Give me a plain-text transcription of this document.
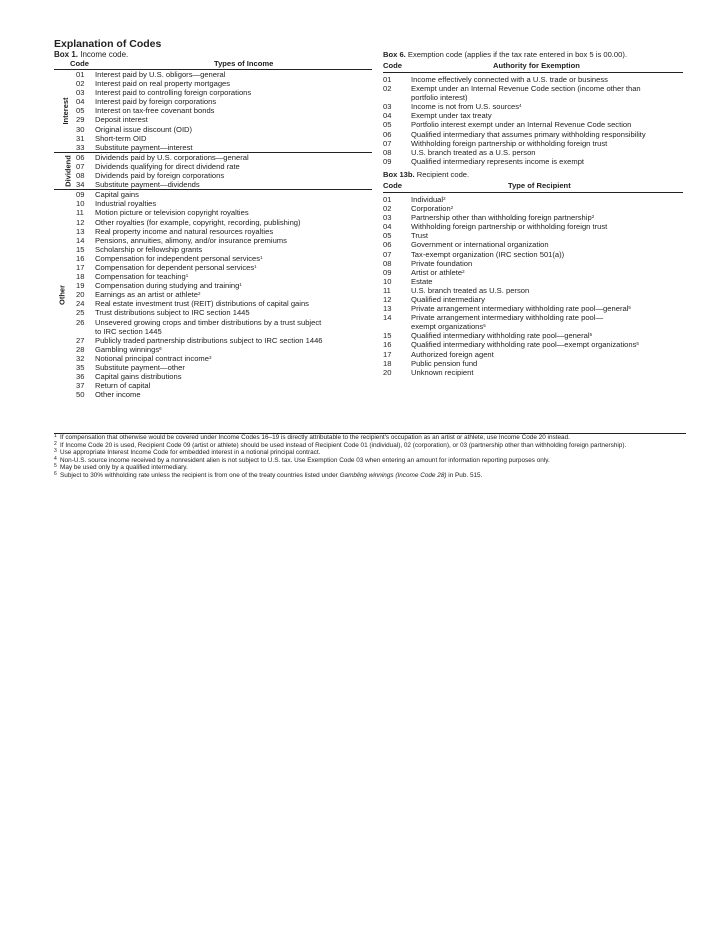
Explanation of Codes
Box 1. Income code.
Code	Types of Income
Interest
01	Interest paid by U.S. obligors—general
02	Interest paid on real property mortgages
03	Interest paid to controlling foreign corporations
04	Interest paid by foreign corporations
05	Interest on tax-free covenant bonds
29	Deposit interest
30	Original issue discount (OID)
31	Short-term OID
33	Substitute payment—interest
Dividend 06	Dividends paid by U.S. corporations—general
07	Dividends qualifying for direct dividend rate
08	Dividends paid by foreign corporations
34	Substitute payment—dividends
Other
09	Capital gains
10	Industrial royalties
11	Motion picture or television copyright royalties
12	Other royalties (for example, copyright, recording, publishing)
13	Real property income and natural resources royalties
14	Pensions, annuities, alimony, and/or insurance premiums
15	Scholarship or fellowship grants
16	Compensation for independent personal services$^1$
17	Compensation for dependent personal services$^1$
18	Compensation for teaching$^1$
19	Compensation during studying and training$^1$
20	Earnings as an artist or athlete$^2$
24	Real estate investment trust (REIT) distributions of capital gains
25	Trust distributions subject to IRC section 1445
26	Unsevered growing crops and timber distributions by a trust subject
to IRC section 1445
27	Publicly traded partnership distributions subject to IRC section 1446
28	Gambling winnings$^6$
32	Notional principal contract income$^3$
35	Substitute payment—other
36	Capital gains distributions
37	Return of capital
50	Other income
Box 6. Exemption code (applies if the tax rate entered in box 5 is 00.00).
Code	Authority for Exemption
01	Income effectively connected with a U.S. trade or business
02	Exempt under an Internal Revenue Code section (income other than
portfolio interest)
03	Income is not from U.S. sources$^4$
04	Exempt under tax treaty
05	Portfolio interest exempt under an Internal Revenue Code section
06	Qualified intermediary that assumes primary withholding responsibility
07	Withholding foreign partnership or withholding foreign trust
08	U.S. branch treated as a U.S. person
09	Qualified intermediary represents income is exempt
Box 13b. Recipient code.
Code	Type of Recipient
01	Individual$^2$
02	Corporation$^2$
03	Partnership other than withholding foreign partnership$^2$
04	Withholding foreign partnership or withholding foreign trust
05	Trust
06	Government or international organization
07	Tax-exempt organization (IRC section 501(a))
08	Private foundation
09	Artist or athlete$^2$
10	Estate
11	U.S. branch treated as U.S. person
12	Qualified intermediary
13	Private arrangement intermediary withholding rate pool—general$^5$
14	Private arrangement intermediary withholding rate pool—
exempt organizations$^5$
15	Qualified intermediary withholding rate pool—general$^5$
16	Qualified intermediary withholding rate pool—exempt organizations$^5$
17	Authorized foreign agent
18	Public pension fund
20	Unknown recipient
$^1$ If compensation that otherwise would be covered under Income Codes 16–19 is directly attributable to the recipient's occupation as an artist or athlete, use Income Code 20 instead.
$^2$ If Income Code 20 is used, Recipient Code 09 (artist or athlete) should be used instead of Recipient Code 01 (individual), 02 (corporation), or 03 (partnership other than withholding foreign partnership).
$^3$ Use appropriate Interest Income Code for embedded interest in a notional principal contract.
$^4$ Non-U.S. source income received by a nonresident alien is not subject to U.S. tax. Use Exemption Code 03 when entering an amount for information reporting purposes only.
$^5$ May be used only by a qualified intermediary.
$^6$ Subject to 30% withholding rate unless the recipient is from one of the treaty countries listed under Gambling winnings (Income Code 28) in Pub. 515.
